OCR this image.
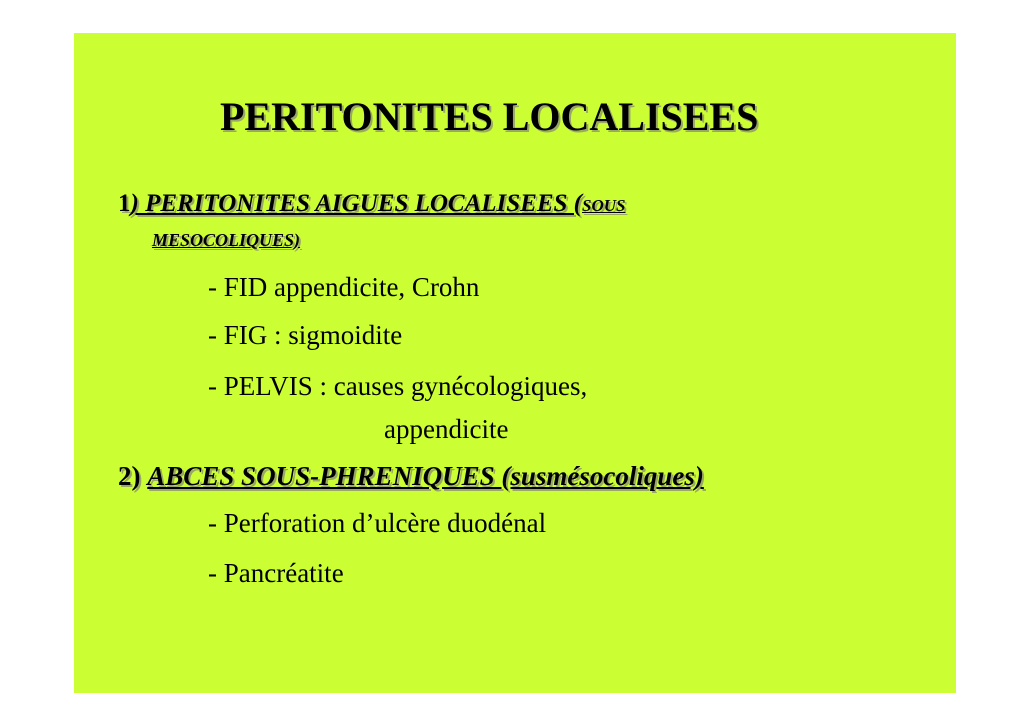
PERITONITES LOCALISEES
1) PERITONITES AIGUES LOCALISEES (SOUS
MESOCOLIQUES)
- FID appendicite, Crohn
- FIG : sigmoidite
- PELVIS : causes gynécologiques,
appendicite
2) ABCES SOUS-PHRENIQUES (susmésocoliques)
- Perforation d’ulcère duodénal
- Pancréatite
